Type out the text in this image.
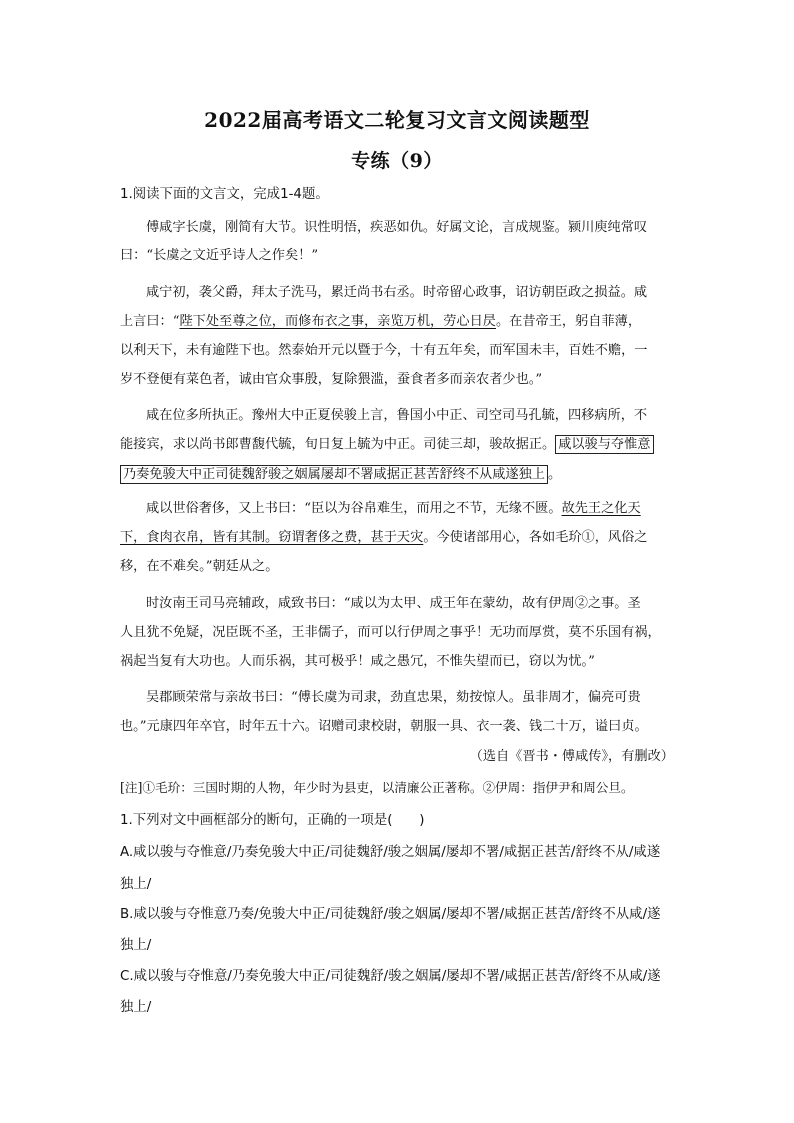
2022届高考语文二轮复习文言文阅读题型
专练（9）
1.阅读下面的文言文，完成1-4题。
傅咸字长虞，刚简有大节。识性明悟，疾恶如仇。好属文论，言成规鉴。颍川庾纯常叹
曰：“长虞之文近乎诗人之作矣！”
咸宁初，袭父爵，拜太子洗马，累迁尚书右丞。时帝留心政事，诏访朝臣政之损益。咸
上言曰：“陛下处至尊之位，而修布衣之事，亲览万机，劳心日昃。在昔帝王，躬自菲薄，
以利天下，未有逾陛下也。然泰始开元以暨于今，十有五年矣，而军国未丰，百姓不赡，一
岁不登便有菜色者，诚由官众事殷，复除猥滥，蚕食者多而亲农者少也。”
咸在位多所执正。豫州大中正夏侯骏上言，鲁国小中正、司空司马孔毓，四移病所，不
能接宾，求以尚书郎曹馥代毓，旬日复上毓为中正。司徒三却，骏故据正。 咸以骏与夺惟意
乃奏免骏大中正司徒魏舒骏之姻属屡却不署咸据正甚苦舒终不从咸遂独上 。
咸以世俗奢侈，又上书曰：“臣以为谷帛难生，而用之不节，无缘不匮。故先王之化天
下，食肉衣帛，皆有其制。窃谓奢侈之费，甚于天灾。今使诸部用心，各如毛玠①，风俗之
移，在不难矣。”朝廷从之。
时汝南王司马亮辅政，咸致书曰：“咸以为太甲、成王年在蒙幼，故有伊周②之事。圣
人且犹不免疑，况臣既不圣，王非儒子，而可以行伊周之事乎！无功而厚赏，莫不乐国有祸，
祸起当复有大功也。人而乐祸，其可极乎！咸之愚冗，不惟失望而已，窃以为忧。”
吴郡顾荣常与亲故书曰：“傅长虞为司隶，劲直忠果，劾按惊人。虽非周才，偏亮可贵
也。”元康四年卒官，时年五十六。诏赠司隶校尉，朝服一具、衣一袭、钱二十万，谥曰贞。
（选自《晋书・傅咸传》，有删改）
[注]①毛玠：三国时期的人物，年少时为县吏，以清廉公正著称。②伊周：指伊尹和周公旦。
1.下列对文中画框部分的断句，正确的一项是(　　)
A.咸以骏与夺惟意/乃奏免骏大中正/司徒魏舒/骏之姻属/屡却不署/咸据正甚苦/舒终不从/咸遂
独上/
B.咸以骏与夺惟意乃奏/免骏大中正/司徒魏舒/骏之姻属/屡却不署/咸据正甚苦/舒终不从咸/遂
独上/
C.咸以骏与夺惟意/乃奏免骏大中正/司徒魏舒/骏之姻属/屡却不署/咸据正甚苦/舒终不从咸/遂
独上/
